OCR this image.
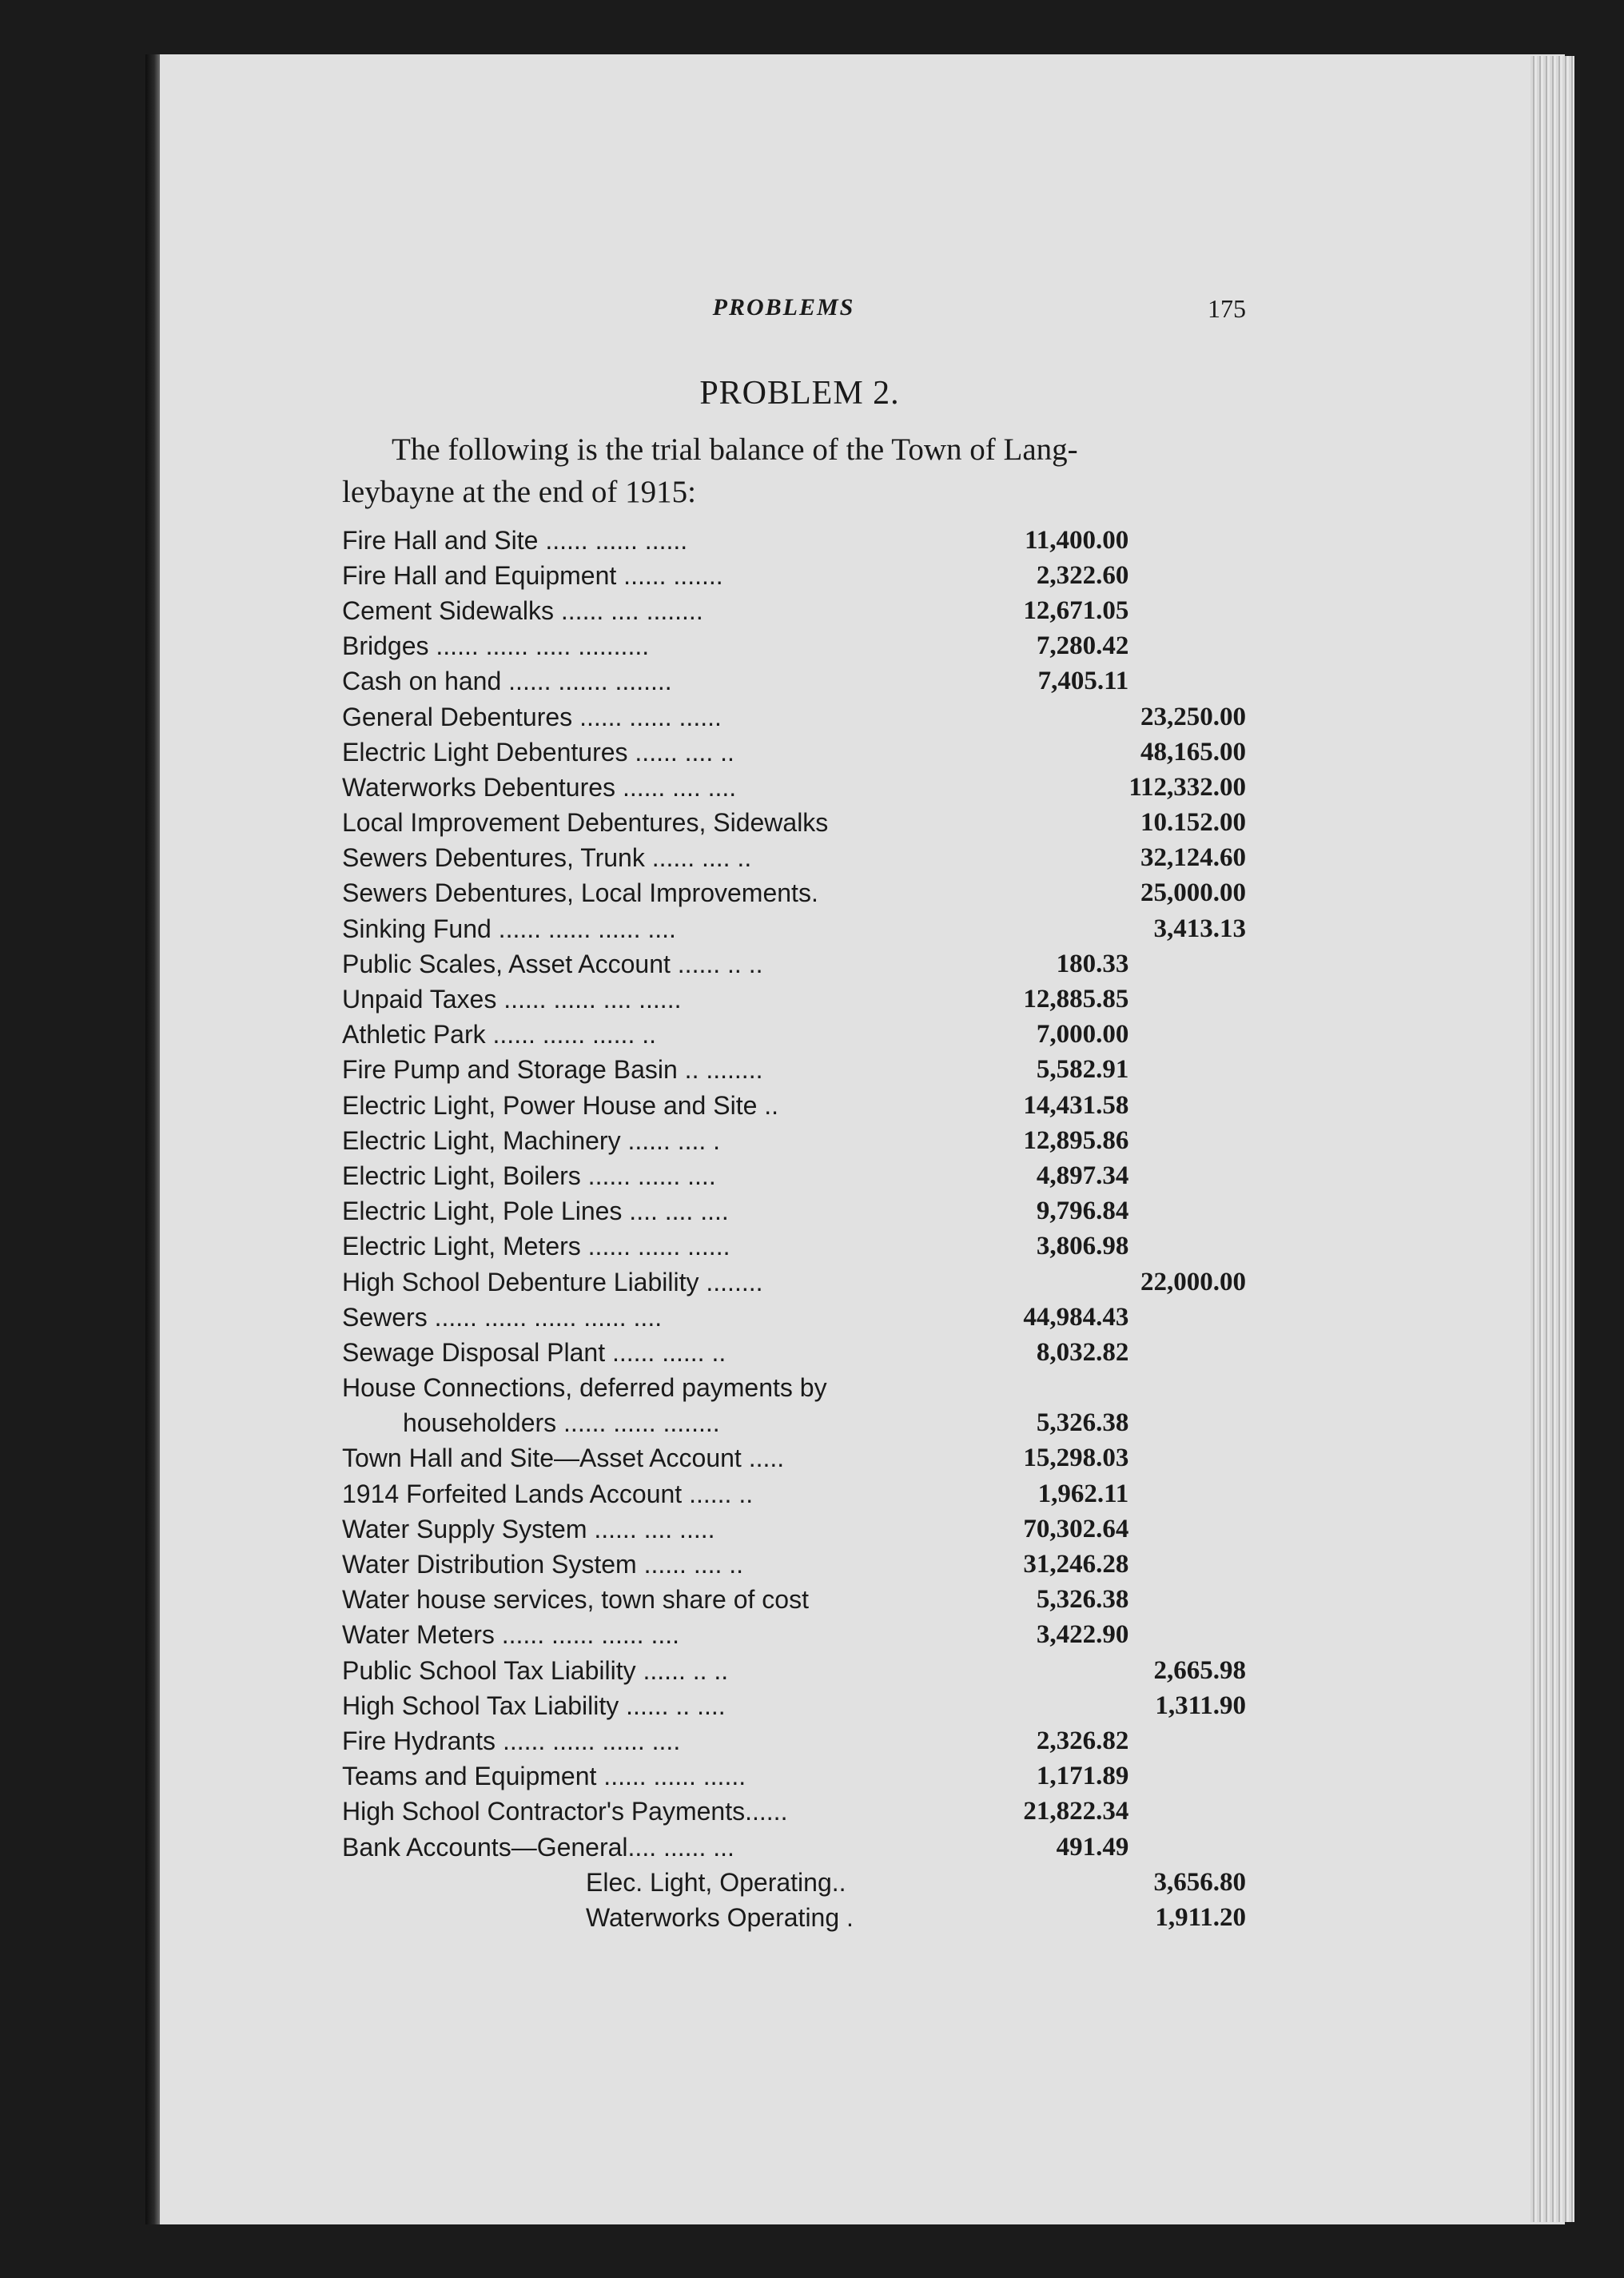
PROBLEMS	175
PROBLEM 2.
The following is the trial balance of the Town of Lang-
leybayne at the end of 1915:
Fire Hall and Site ...... ...... ......	11,400.00	
Fire Hall and Equipment ...... .......	2,322.60	
Cement Sidewalks ...... .... ........	12,671.05	
Bridges ...... ...... ..... ..........	7,280.42	
Cash on hand ...... ....... ........	7,405.11	
General Debentures ...... ...... ......		23,250.00
Electric Light Debentures ...... .... ..		48,165.00
Waterworks Debentures ...... .... ....		112,332.00
Local Improvement Debentures, Sidewalks		10.152.00
Sewers Debentures, Trunk ...... .... ..		32,124.60
Sewers Debentures, Local Improvements.		25,000.00
Sinking Fund ...... ...... ...... ....		3,413.13
Public Scales, Asset Account ...... .. ..	180.33	
Unpaid Taxes ...... ...... .... ......	12,885.85	
Athletic Park ...... ...... ...... ..	7,000.00	
Fire Pump and Storage Basin .. ........	5,582.91	
Electric Light, Power House and Site ..	14,431.58	
Electric Light, Machinery ...... .... .	12,895.86	
Electric Light, Boilers ...... ...... ....	4,897.34	
Electric Light, Pole Lines .... .... ....	9,796.84	
Electric Light, Meters ...... ...... ......	3,806.98	
High School Debenture Liability ........		22,000.00
Sewers ...... ...... ...... ...... ....	44,984.43	
Sewage Disposal Plant ...... ...... ..	8,032.82	
House Connections, deferred payments by		
householders ...... ...... ........	5,326.38	
Town Hall and Site—Asset Account .....	15,298.03	
1914 Forfeited Lands Account ...... ..	1,962.11	
Water Supply System ...... .... .....	70,302.64	
Water Distribution System ...... .... ..	31,246.28	
Water house services, town share of cost	5,326.38	
Water Meters ...... ...... ...... ....	3,422.90	
Public School Tax Liability ...... .. ..		2,665.98
High School Tax Liability ...... .. ....		1,311.90
Fire Hydrants ...... ...... ...... ....	2,326.82	
Teams and Equipment ...... ...... ......	1,171.89	
High School Contractor's Payments......	21,822.34	
Bank Accounts—General.... ...... ...	491.49	
Elec. Light, Operating..		3,656.80
Waterworks Operating .		1,911.20
